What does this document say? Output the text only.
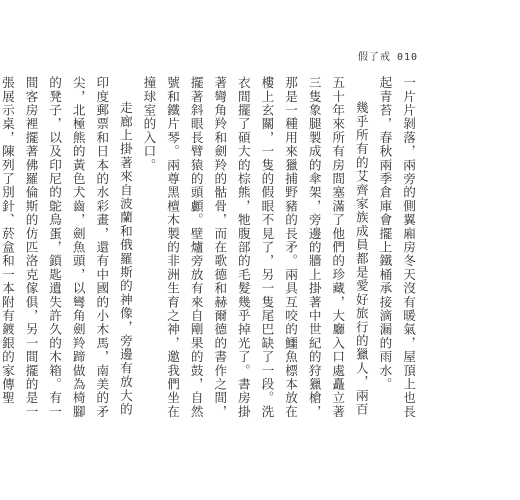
假了戒 010

一片片剝落，兩旁的側翼廂房冬天沒有暖氣，屋頂上也長起青苔，春秋兩季倉庫會擺上鐵桶承接滴漏的雨水。

幾乎所有的艾齊家族成員都是愛好旅行的獵人，兩百五十年來所有房間塞滿了他們的珍藏，大廳入口處矗立著三隻象腿製成的傘架，旁邊的牆上掛著中世紀的狩獵槍，那是一種用來獵捕野豬的長矛。兩具互咬的鱷魚標本放在樓上玄關，一隻的假眼不見了，另一隻尾巴缺了一段。洗衣間擺了碩大的棕熊，牠腹部的毛髮幾乎掉光了。書房掛著彎角羚和劍羚的骷骨，而在歌德和赫爾德的書作之間，擺著斜眼長臂猿的頭顱。壁爐旁放有來自剛果的鼓，自然號和鐵片琴。兩尊黑檀木製的非洲生育之神，邀我們坐在撞球室的入口。

走廊上掛著來自波蘭和俄羅斯的神像，旁邊有放大的印度郵票和日本的水彩畫，還有中國的小木馬，南美的矛尖，北極熊的黃色犬齒，劍魚頭，以彎角劍羚蹄做為椅腳的凳子，以及印尼的鴕鳥蛋，鎖匙遺失許久的木箱。有一間客房裡擺著佛羅倫斯的仿匹洛克傢俱，另一間擺的是一張展示桌，陳列了別針、菸盒和一本附有鍍銀的家傳聖
